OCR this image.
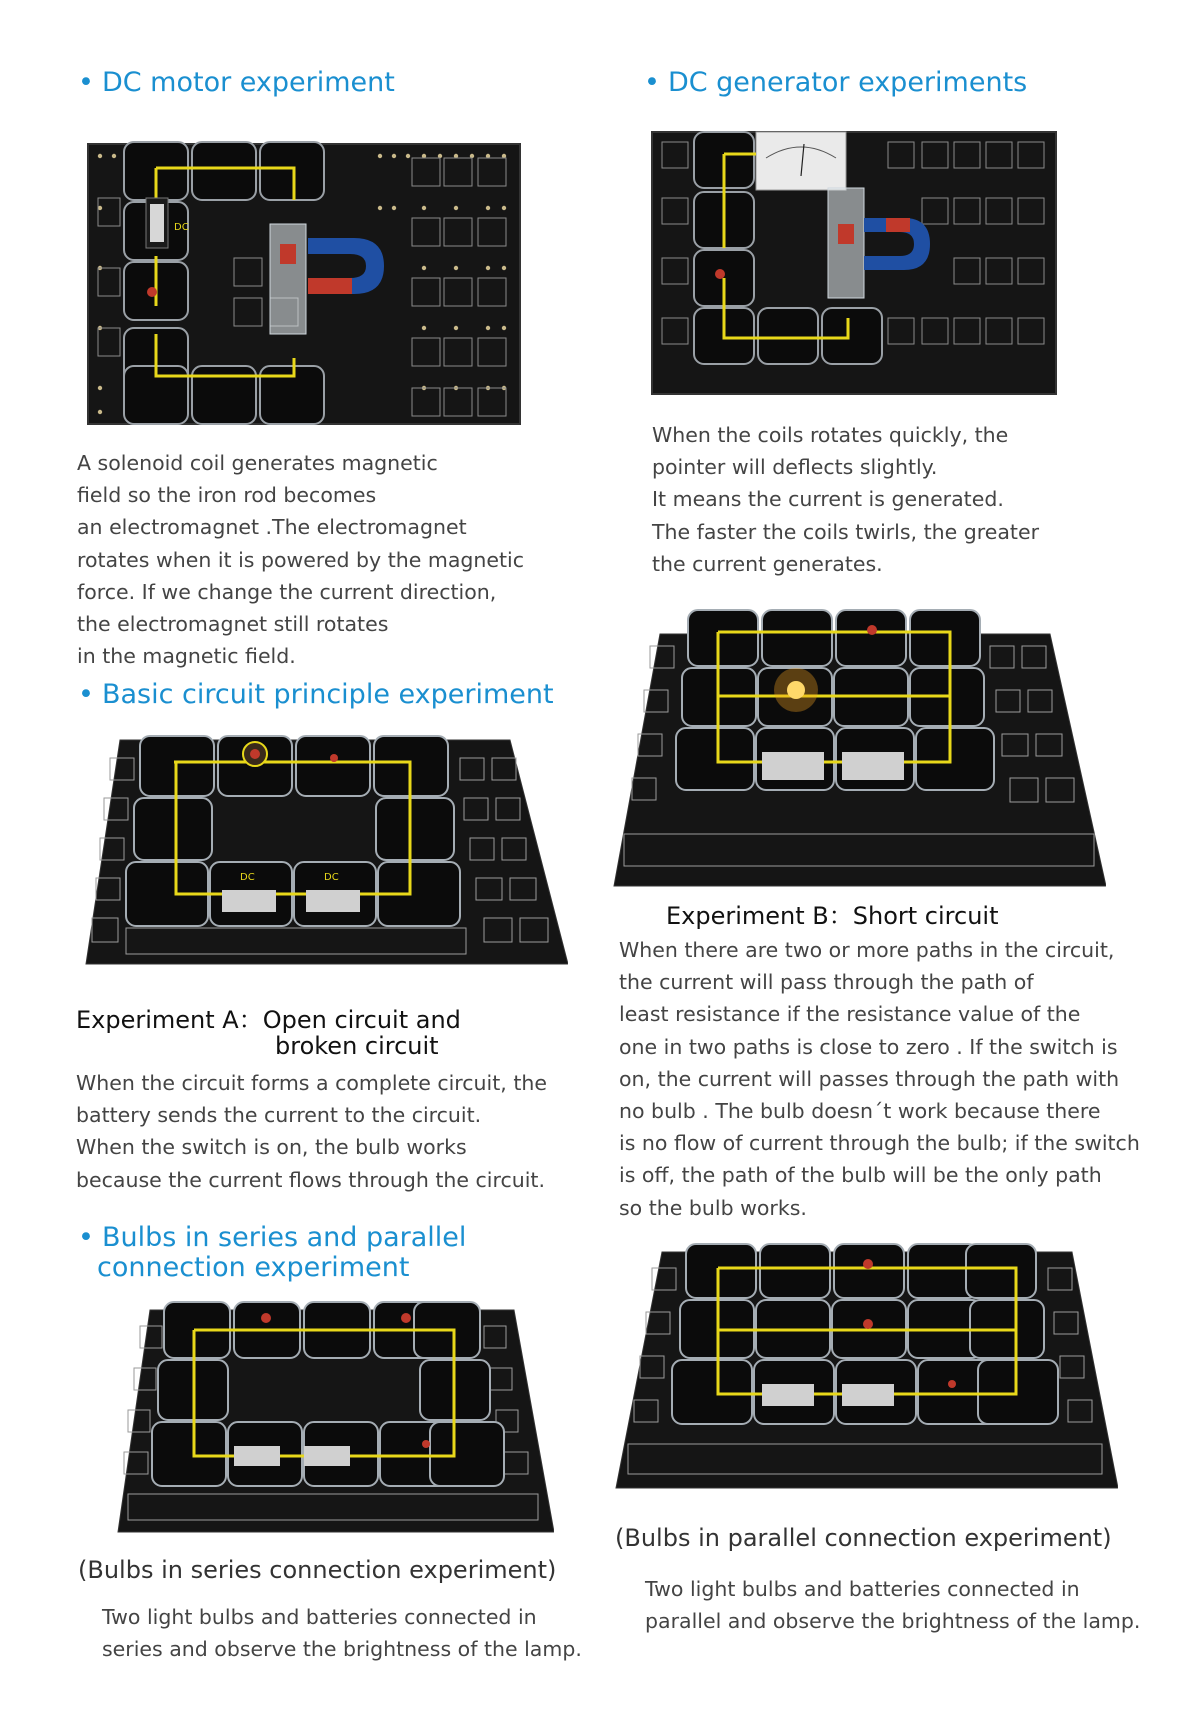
• DC motor experiment
DC
A solenoid coil generates magnetic
field so the iron rod becomes
an electromagnet .The electromagnet
rotates when it is powered by the magnetic
force. If we change the current direction,
the electromagnet still rotates
in the magnetic field.
• DC generator experiments
When the coils rotates quickly, the
pointer will deflects slightly.
It means the current is generated.
The faster the coils twirls, the greater
the current generates.
• Basic circuit principle experiment
DC	DC
Experiment A：Open circuit and
broken circuit
When the circuit forms a complete circuit, the
battery sends the current to the circuit.
When the switch is on, the bulb works
because the current flows through the circuit.
Experiment B：Short circuit
When there are two or more paths in the circuit,
the current will pass through the path of
least resistance if the resistance value of the
one in two paths is close to zero . If the switch is
on, the current will passes through the path with
no bulb . The bulb doesn´t work because there
is no flow of current through the bulb; if the switch
is off, the path of the bulb will be the only path
so the bulb works.
• Bulbs in series and parallel
connection experiment
(Bulbs in series connection experiment)
Two light bulbs and batteries connected in
series and observe the brightness of the lamp.
(Bulbs in parallel connection experiment)
Two light bulbs and batteries connected in
parallel and observe the brightness of the lamp.
